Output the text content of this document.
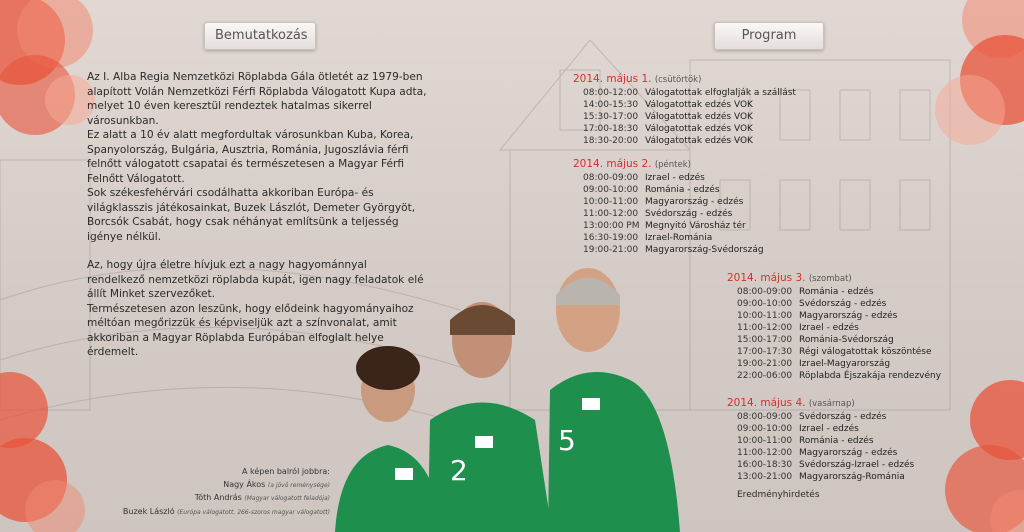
Bemutatkozás	Program

Az I. Alba Regia Nemzetközi Röplabda Gála ötletét az 1979-ben alapított Volán Nemzetközi Férfi Röplabda Válogatott Kupa adta, melyet 10 éven keresztül rendeztek hatalmas sikerrel városunkban.

Ez alatt a 10 év alatt megfordultak városunkban Kuba, Korea, Spanyolország, Bulgária, Ausztria, Románia, Jugoszlávia férfi felnőtt válogatott csapatai és természetesen a Magyar Férfi Felnőtt Válogatott.

Sok székesfehérvári csodálhatta akkoriban Európa- és világklasszis játékosainkat, Buzek Lászlót, Demeter Györgyöt, Borcsók Csabát, hogy csak néhányat említsünk a teljesség igénye nélkül.

Az, hogy újra életre hívjuk ezt a nagy hagyománnyal rendelkező nemzetközi röplabda kupát, igen nagy feladatok elé állít Minket szervezőket.

Természetesen azon leszünk, hogy elődeink hagyományaihoz méltóan megőrizzük és képviseljük azt a színvonalat, amit akkoriban a Magyar Röplabda Európában elfoglalt helye érdemelt.

2
5
A képen balról jobbra:
Nagy Ákos (a jövő reménysége)
Tóth András (Magyar válogatott feladója)
Buzek László (Európa válogatott, 266-szoros magyar válogatott)
2014. május 1. (csütörtök)
08:00-12:00 Válogatottak elfoglalják a szállást
14:00-15:30 Válogatottak edzés VOK
15:30-17:00 Válogatottak edzés VOK
17:00-18:30 Válogatottak edzés VOK
18:30-20:00 Válogatottak edzés VOK
2014. május 2. (péntek)
08:00-09:00 Izrael - edzés
09:00-10:00 Románia - edzés
10:00-11:00 Magyarország - edzés
11:00-12:00 Svédország - edzés
13:00:00 PM Megnyitó Városház tér
16:30-19:00 Izrael-Románia
19:00-21:00 Magyarország-Svédország
2014. május 3. (szombat)
08:00-09:00 Románia - edzés
09:00-10:00 Svédország - edzés
10:00-11:00 Magyarország - edzés
11:00-12:00 Izrael - edzés
15:00-17:00 Románia-Svédország
17:00-17:30 Régi válogatottak köszöntése
19:00-21:00 Izrael-Magyarország
22:00-06:00 Röplabda Éjszakája rendezvény
2014. május 4. (vasárnap)
08:00-09:00 Svédország - edzés
09:00-10:00 Izrael - edzés
10:00-11:00 Románia - edzés
11:00-12:00 Magyarország - edzés
16:00-18:30 Svédország-Izrael - edzés
13:00-21:00 Magyarország-Románia
Eredményhirdetés
